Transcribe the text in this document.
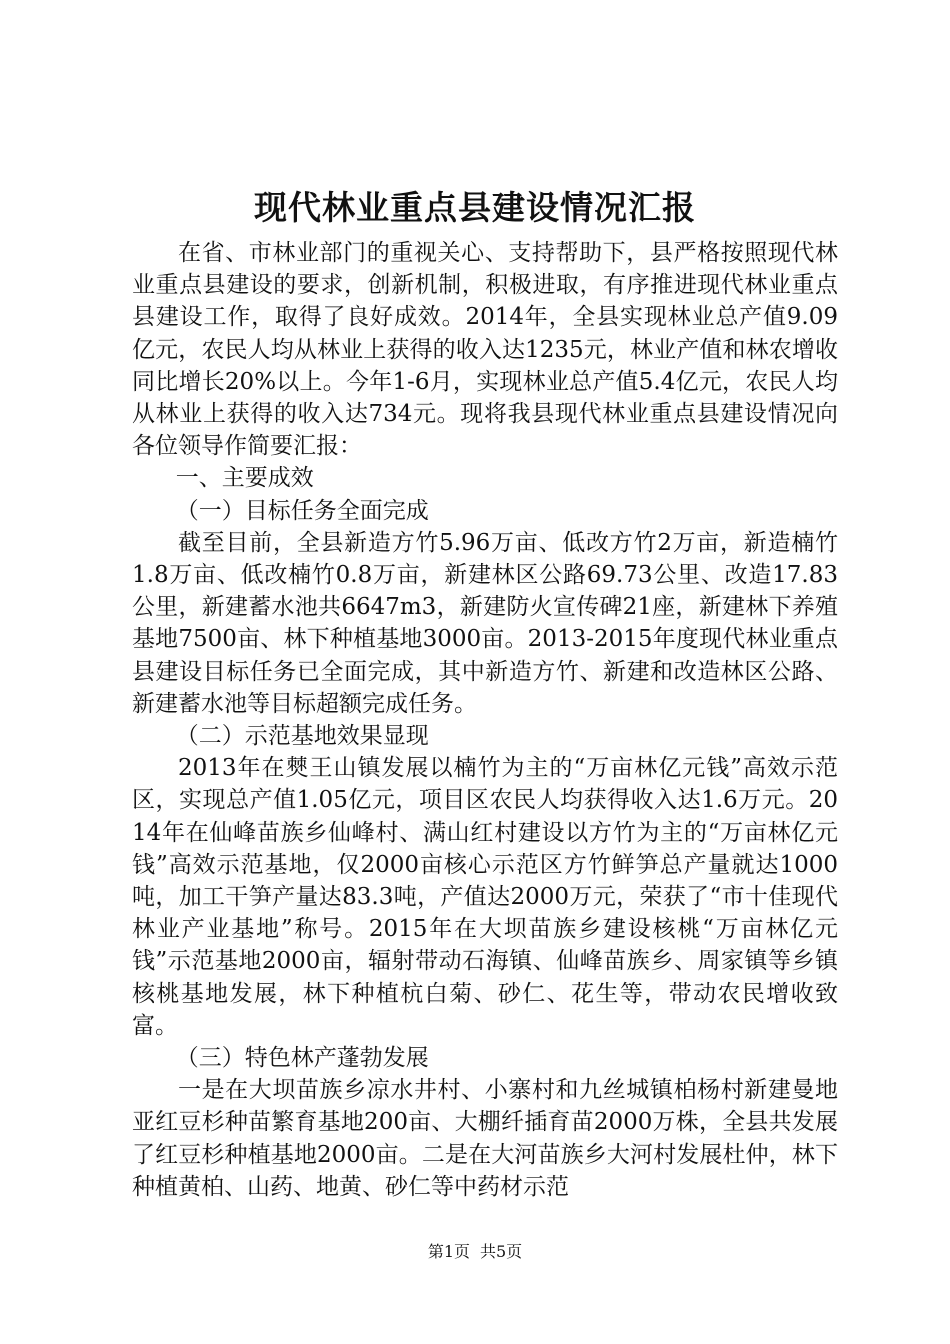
现代林业重点县建设情况汇报

在省、市林业部门的重视关心、支持帮助下，县严格按照现代林业重点县建设的要求，创新机制，积极进取，有序推进现代林业重点县建设工作，取得了良好成效。2014年，全县实现林业总产值9.09亿元，农民人均从林业上获得的收入达1235元，林业产值和林农增收同比增长20%以上。今年1-6月，实现林业总产值5.4亿元，农民人均从林业上获得的收入达734元。现将我县现代林业重点县建设情况向各位领导作简要汇报：

一、主要成效

（一）目标任务全面完成

截至目前，全县新造方竹5.96万亩、低改方竹2万亩，新造楠竹1.8万亩、低改楠竹0.8万亩，新建林区公路69.73公里、改造17.83公里，新建蓄水池共6647m3，新建防火宣传碑21座，新建林下养殖基地7500亩、林下种植基地3000亩。2013-2015年度现代林业重点县建设目标任务已全面完成，其中新造方竹、新建和改造林区公路、新建蓄水池等目标超额完成任务。

（二）示范基地效果显现

2013年在僰王山镇发展以楠竹为主的“万亩林亿元钱”高效示范区，实现总产值1.05亿元，项目区农民人均获得收入达1.6万元。2014年在仙峰苗族乡仙峰村、满山红村建设以方竹为主的“万亩林亿元钱”高效示范基地，仅2000亩核心示范区方竹鲜笋总产量就达1000吨，加工干笋产量达83.3吨，产值达2000万元，荣获了“市十佳现代林业产业基地”称号。2015年在大坝苗族乡建设核桃“万亩林亿元钱”示范基地2000亩，辐射带动石海镇、仙峰苗族乡、周家镇等乡镇核桃基地发展，林下种植杭白菊、砂仁、花生等，带动农民增收致富。

（三）特色林产蓬勃发展

一是在大坝苗族乡凉水井村、小寨村和九丝城镇柏杨村新建曼地亚红豆杉种苗繁育基地200亩、大棚纤插育苗2000万株，全县共发展了红豆杉种植基地2000亩。二是在大河苗族乡大河村发展杜仲，林下种植黄柏、山药、地黄、砂仁等中药材示范

第1页 共5页
